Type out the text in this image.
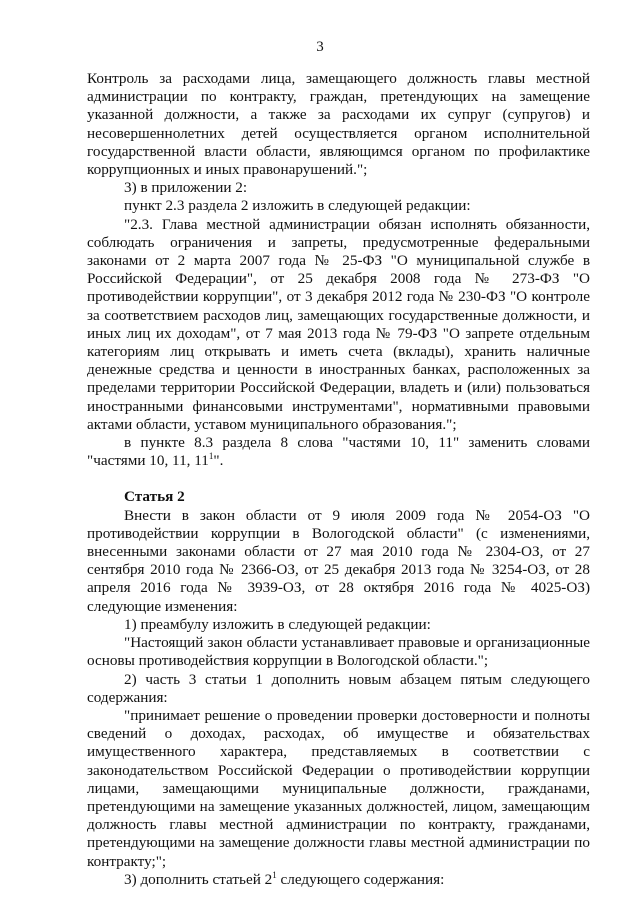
3

Контроль за расходами лица, замещающего должность главы местной администрации по контракту, граждан, претендующих на замещение указанной должности, а также за расходами их супруг (супругов) и несовершеннолетних детей осуществляется органом исполнительной государственной власти области, являющимся органом по профилактике коррупционных и иных правонарушений.";

3) в приложении 2:

пункт 2.3 раздела 2 изложить в следующей редакции:

"2.3. Глава местной администрации обязан исполнять обязанности, соблюдать ограничения и запреты, предусмотренные федеральными законами от 2 марта 2007 года № 25-ФЗ "О муниципальной службе в Российской Федерации", от 25 декабря 2008 года № 273-ФЗ "О противодействии коррупции", от 3 декабря 2012 года № 230-ФЗ "О контроле за соответствием расходов лиц, замещающих государственные должности, и иных лиц их доходам", от 7 мая 2013 года № 79-ФЗ "О запрете отдельным категориям лиц открывать и иметь счета (вклады), хранить наличные денежные средства и ценности в иностранных банках, расположенных за пределами территории Российской Федерации, владеть и (или) пользоваться иностранными финансовыми инструментами", нормативными правовыми актами области, уставом муниципального образования.";

в пункте 8.3 раздела 8 слова "частями 10, 11" заменить словами "частями 10, 11, $11^1$".

Статья 2

Внести в закон области от 9 июля 2009 года № 2054-ОЗ "О противодействии коррупции в Вологодской области" (с изменениями, внесенными законами области от 27 мая 2010 года № 2304-ОЗ, от 27 сентября 2010 года № 2366-ОЗ, от 25 декабря 2013 года № 3254-ОЗ, от 28 апреля 2016 года № 3939-ОЗ, от 28 октября 2016 года № 4025-ОЗ) следующие изменения:

1) преамбулу изложить в следующей редакции:

"Настоящий закон области устанавливает правовые и организационные основы противодействия коррупции в Вологодской области.";

2) часть 3 статьи 1 дополнить новым абзацем пятым следующего содержания:

"принимает решение о проведении проверки достоверности и полноты сведений о доходах, расходах, об имуществе и обязательствах имущественного характера, представляемых в соответствии с законодательством Российской Федерации о противодействии коррупции лицами, замещающими муниципальные должности, гражданами, претендующими на замещение указанных должностей, лицом, замещающим должность главы местной администрации по контракту, гражданами, претендующими на замещение должности главы местной администрации по контракту;";

3) дополнить статьей $2^1$ следующего содержания:
